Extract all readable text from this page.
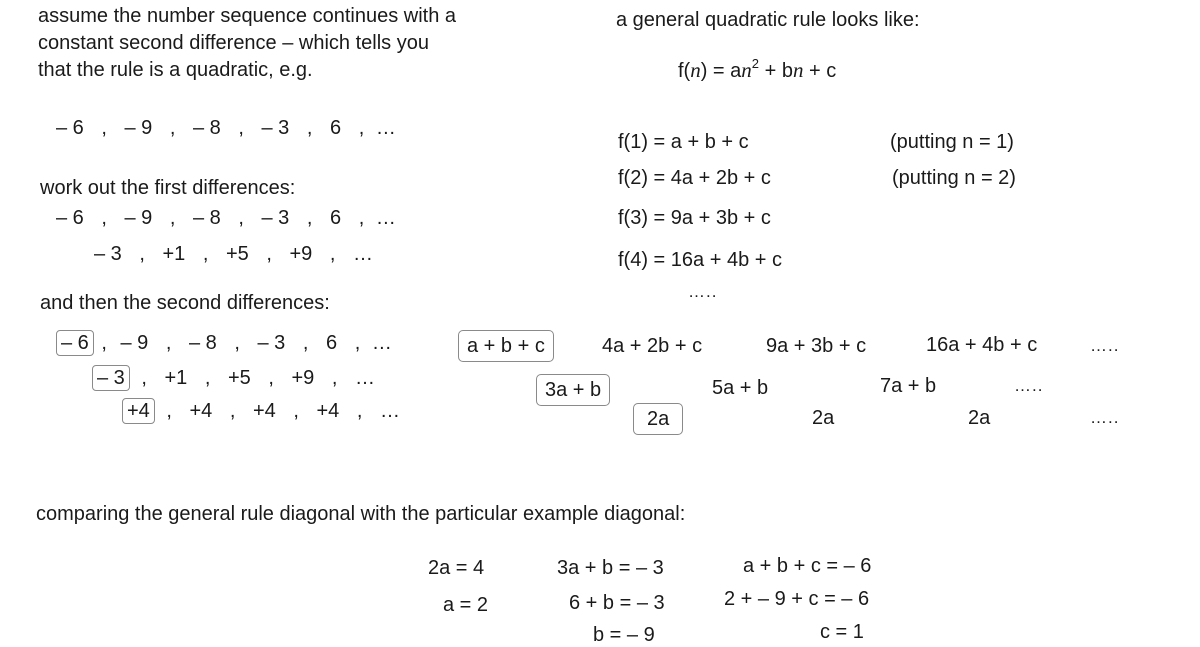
assume the number sequence continues with a
constant second difference – which tells you
that the rule is a quadratic, e.g.
– 6 , – 9 , – 8 , – 3 , 6 , …
work out the first differences:
– 6 , – 9 , – 8 , – 3 , 6 , …
– 3 , +1 , +5 , +9 , …
and then the second differences:
– 6 , – 9 , – 8 , – 3 , 6 , …
– 3 , +1 , +5 , +9 , …
+4 , +4 , +4 , +4 , …
a general quadratic rule looks like:
$f(n) = an^2$ + bn + c
f(1) = a + b + c	(putting n = 1)
f(2) = 4a + 2b + c	(putting n = 2)
f(3) = 9a + 3b + c
f(4) = 16a + 4b + c
…..
a + b + c	4a + 2b + c	9a + 3b + c	16a + 4b + c	…..
3a + b	5a + b	7a + b	…..
2a	2a	2a	…..
comparing the general rule diagonal with the particular example diagonal:
2a = 4
a = 2
3a + b = – 3
6 + b = – 3
b = – 9
a + b + c = – 6
2 + – 9 + c = – 6
c = 1
